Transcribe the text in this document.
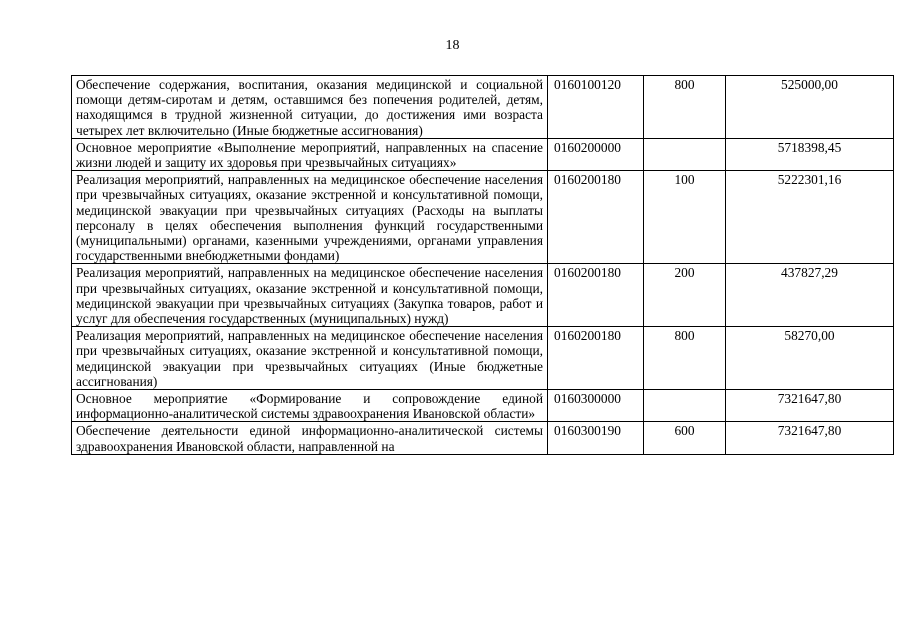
18
Обеспечение содержания, воспитания, оказания медицинской и социальной помощи детям-сиротам и детям, оставшимся без попечения родителей, детям, находящимся в трудной жизненной ситуации, до достижения ими возраста четырех лет включительно (Иные бюджетные ассигнования)	0160100120	800	525000,00
Основное мероприятие «Выполнение мероприятий, направленных на спасение жизни людей и защиту их здоровья при чрезвычайных ситуациях»	0160200000		5718398,45
Реализация мероприятий, направленных на медицинское обеспечение населения при чрезвычайных ситуациях, оказание экстренной и консультативной помощи, медицинской эвакуации при чрезвычайных ситуациях (Расходы на выплаты персоналу в целях обеспечения выполнения функций государственными (муниципальными) органами, казенными учреждениями, органами управления государственными внебюджетными фондами)	0160200180	100	5222301,16
Реализация мероприятий, направленных на медицинское обеспечение населения при чрезвычайных ситуациях, оказание экстренной и консультативной помощи, медицинской эвакуации при чрезвычайных ситуациях (Закупка товаров, работ и услуг для обеспечения государственных (муниципальных) нужд)	0160200180	200	437827,29
Реализация мероприятий, направленных на медицинское обеспечение населения при чрезвычайных ситуациях, оказание экстренной и консультативной помощи, медицинской эвакуации при чрезвычайных ситуациях (Иные бюджетные ассигнования)	0160200180	800	58270,00
Основное мероприятие «Формирование и сопровождение единой информационно-аналитической системы здравоохранения Ивановской области»	0160300000		7321647,80
Обеспечение деятельности единой информационно-аналитической системы здравоохранения Ивановской области, направленной на	0160300190	600	7321647,80
